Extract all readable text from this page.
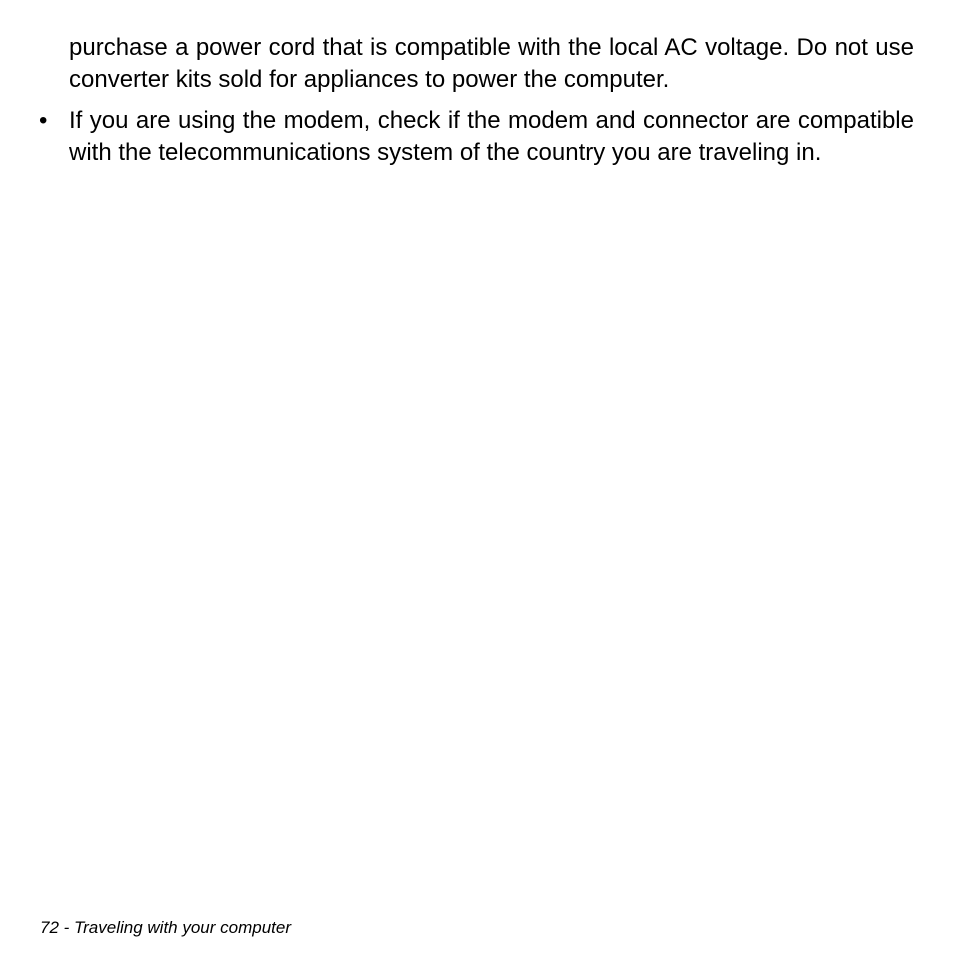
purchase a power cord that is compatible with the local AC voltage. Do not use converter kits sold for appliances to power the computer.

• If you are using the modem, check if the modem and connector are compatible with the telecommunications system of the country you are traveling in.

72 - Traveling with your computer
